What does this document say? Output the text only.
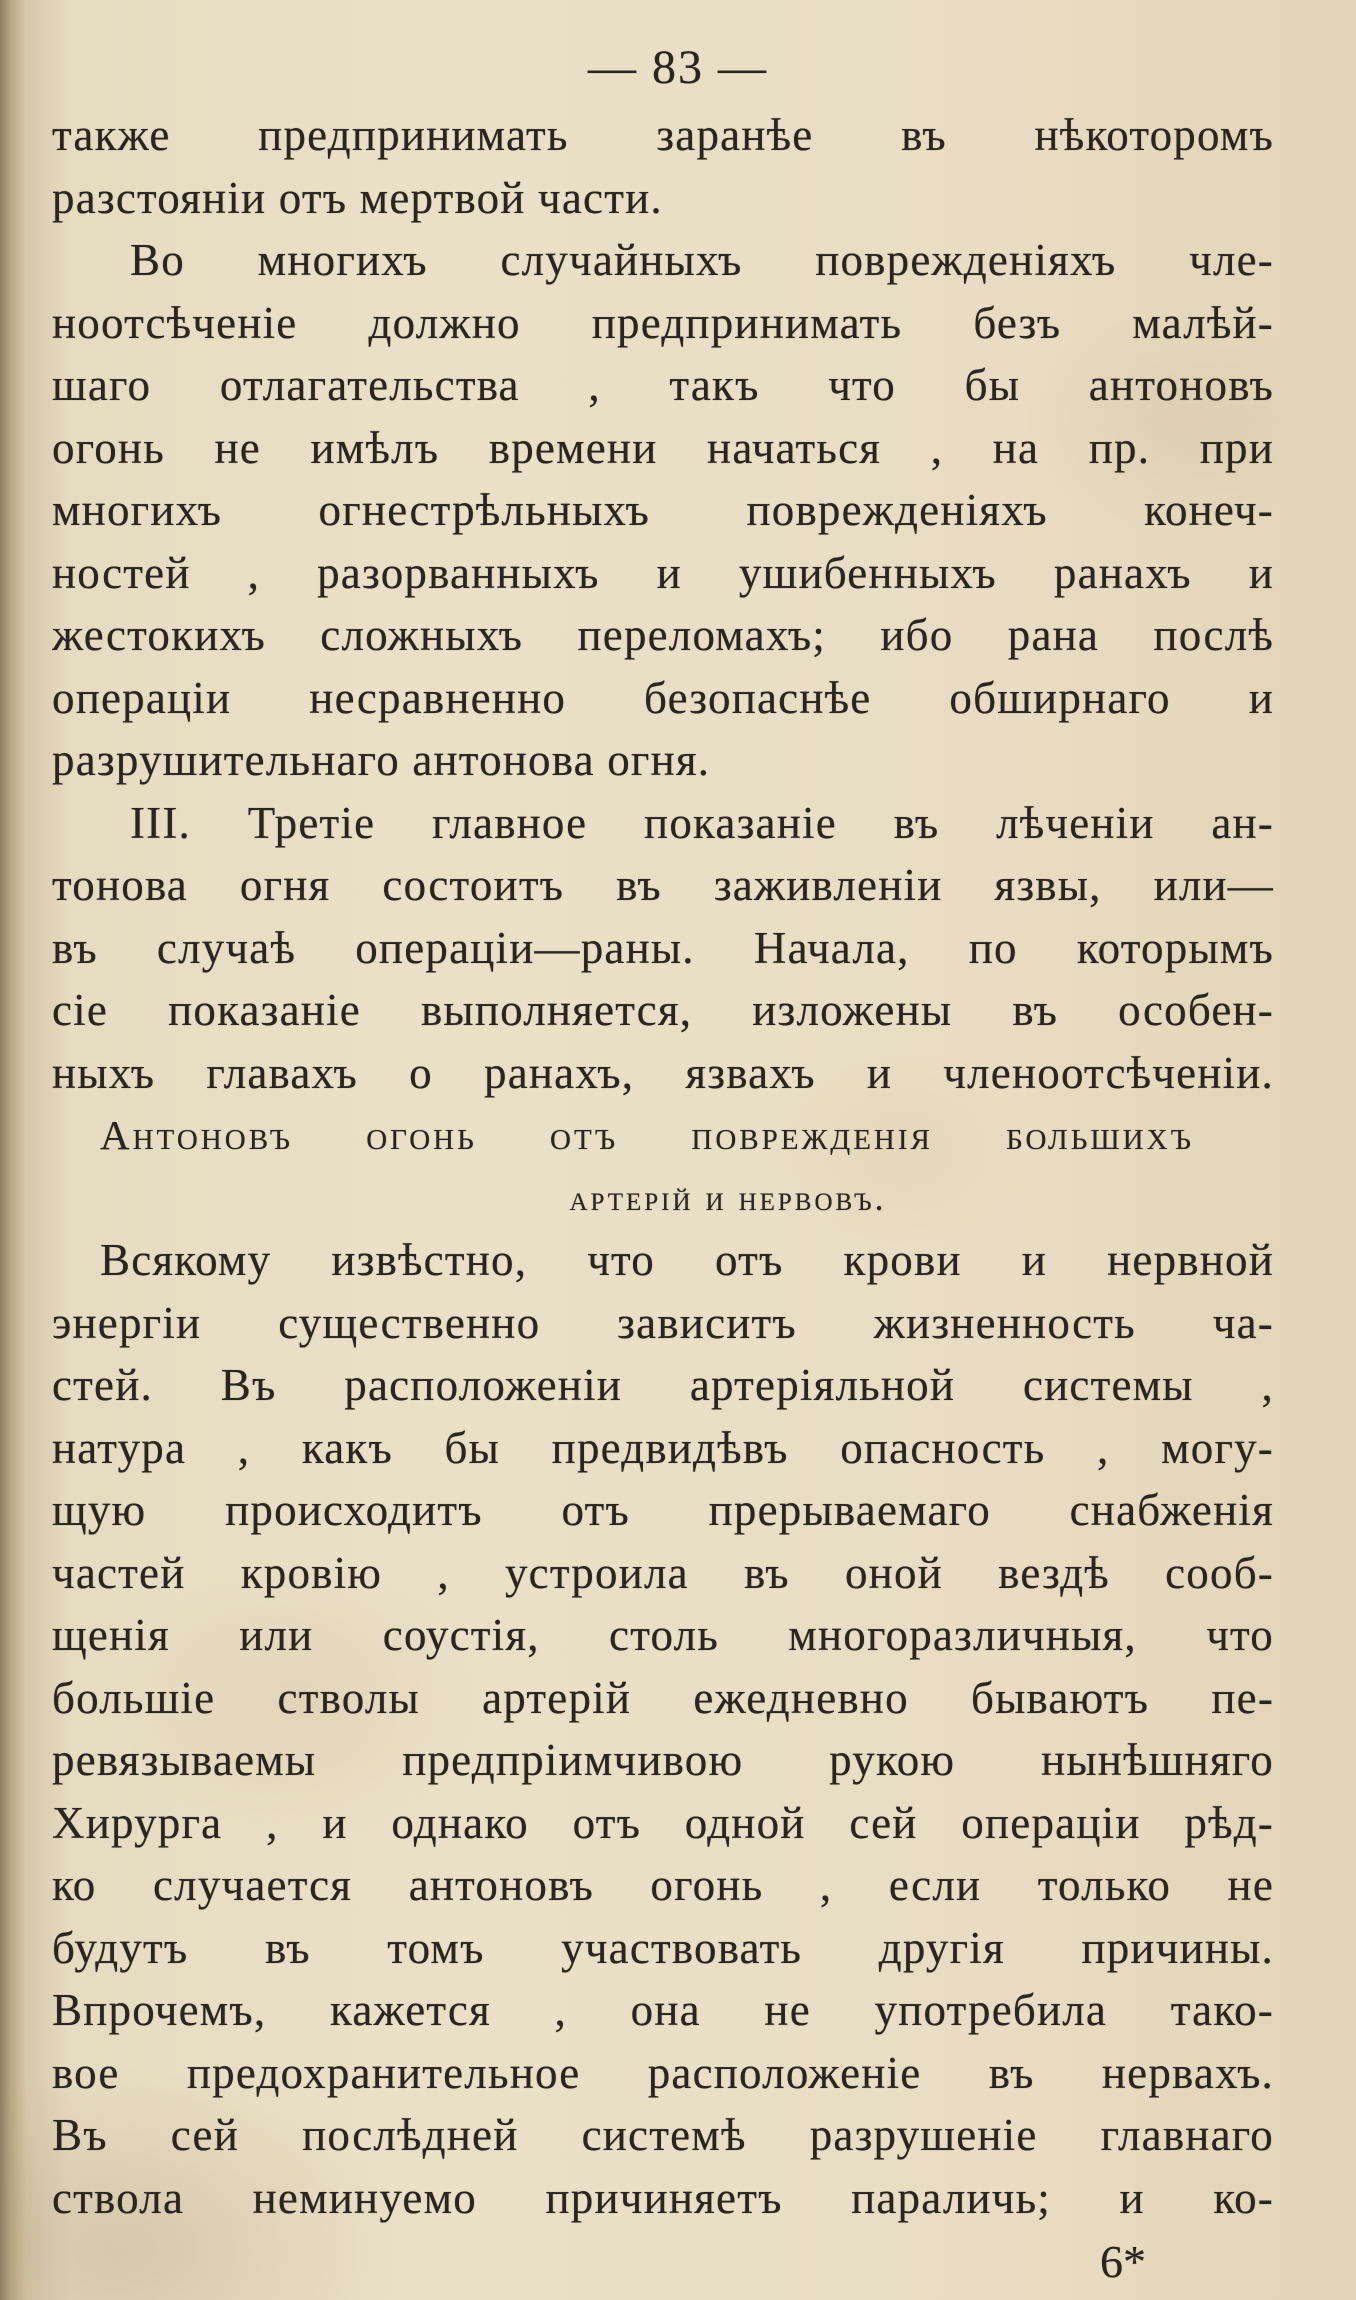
— 83 —
также предпринимать заранѣе въ нѣкоторомъ
разстояніи отъ мертвой части.
Во многихъ случайныхъ поврежденіяхъ чле-
ноотсѣченіе должно предпринимать безъ малѣй-
шаго отлагательства , такъ что бы антоновъ
огонь не имѣлъ времени начаться , на пр. при
многихъ огнестрѣльныхъ поврежденіяхъ конеч-
ностей , разорванныхъ и ушибенныхъ ранахъ и
жестокихъ сложныхъ переломахъ; ибо рана послѣ
операціи несравненно безопаснѣе обширнаго и
разрушительнаго антонова огня.
III. Третіе главное показаніе въ лѣченіи ан-
тонова огня состоитъ въ заживленіи язвы, или—
въ случаѣ операціи—раны. Начала, по которымъ
сіе показаніе выполняется, изложены въ особен-
ныхъ главахъ о ранахъ, язвахъ и членоотсѣченіи.
Антоновъ огонь отъ поврежденія большихъ
артерій и нервовъ.
Всякому извѣстно, что отъ крови и нервной
энергіи существенно зависитъ жизненность ча-
стей. Въ расположеніи артеріяльной системы ,
натура , какъ бы предвидѣвъ опасность , могу-
щую происходитъ отъ прерываемаго снабженія
частей кровію , устроила въ оной вездѣ сооб-
щенія или соустія, столь многоразличныя, что
большіе стволы артерій ежедневно бываютъ пе-
ревязываемы предпріимчивою рукою нынѣшняго
Хирурга , и однако отъ одной сей операціи рѣд-
ко случается антоновъ огонь , если только не
будутъ въ томъ участвовать другія причины.
Впрочемъ, кажется , она не употребила тако-
вое предохранительное расположеніе въ нервахъ.
Въ сей послѣдней системѣ разрушеніе главнаго
ствола неминуемо причиняетъ параличь; и ко-
6*
